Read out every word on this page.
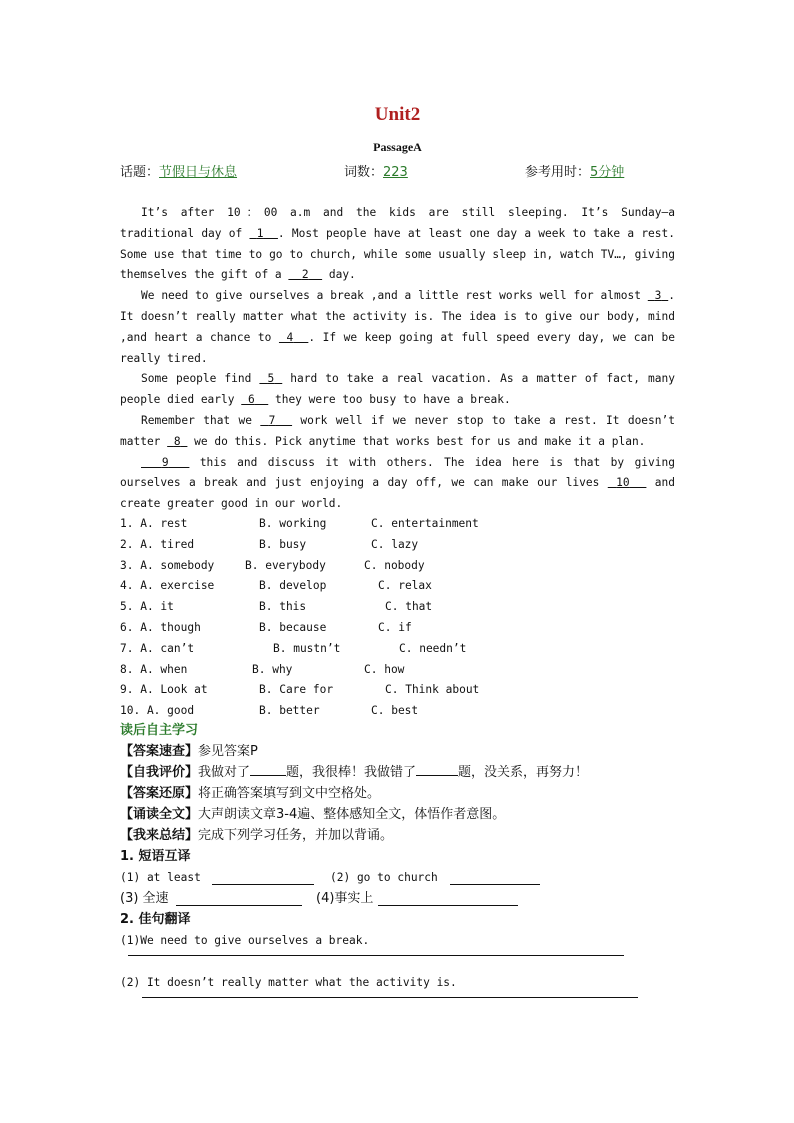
Unit2
PassageA
话题：节假日与休息	词数：223	参考用时：5分钟

It’s after 10：00 a.m and the kids are still sleeping. It’s Sunday—a traditional day of  1 . Most people have at least one day a week to take a rest. Some use that time to go to church, while some usually sleep in, watch TV…, giving themselves the gift of a   2   day.

We need to give ourselves a break ,and a little rest works well for almost  3 . It doesn’t really matter what the activity is. The idea is to give our body, mind ,and heart a chance to  4 . If we keep going at full speed every day, we can be really tired.

Some people find  5  hard to take a real vacation. As a matter of fact, many people died early  6   they were too busy to have a break.

Remember that we  7   work well if we never stop to take a rest. It doesn’t matter  8  we do this. Pick anytime that works best for us and make it a plan.

9   this and discuss it with others. The idea here is that by giving ourselves a break and just enjoying a day off, we can make our lives  10   and create greater good in our world.

1. A. rest	B. working	C. entertainment
2. A. tired	B. busy	C. lazy
3. A. somebody	B. everybody	C. nobody
4. A. exercise	B. develop	C. relax
5. A. it	B. this	C. that
6. A. though	B. because	C. if
7. A. can’t	B. mustn’t	C. needn’t
8. A. when	B. why	C. how
9. A. Look at	B. Care for	C. Think about
10. A. good	B. better	C. best
读后自主学习
【答案速查】参见答案P
【自我评价】我做对了	题，我很棒！我做错了	题，没关系，再努力！
【答案还原】将正确答案填写到文中空格处。
【诵读全文】大声朗读文章3-4遍、整体感知全文，体悟作者意图。
【我来总结】完成下列学习任务，并加以背诵。
1. 短语互译
(1) at least	(2) go to church
(3) 全速	(4)事实上
2. 佳句翻译
(1)We need to give ourselves a break.
(2) It doesn’t really matter what the activity is.
